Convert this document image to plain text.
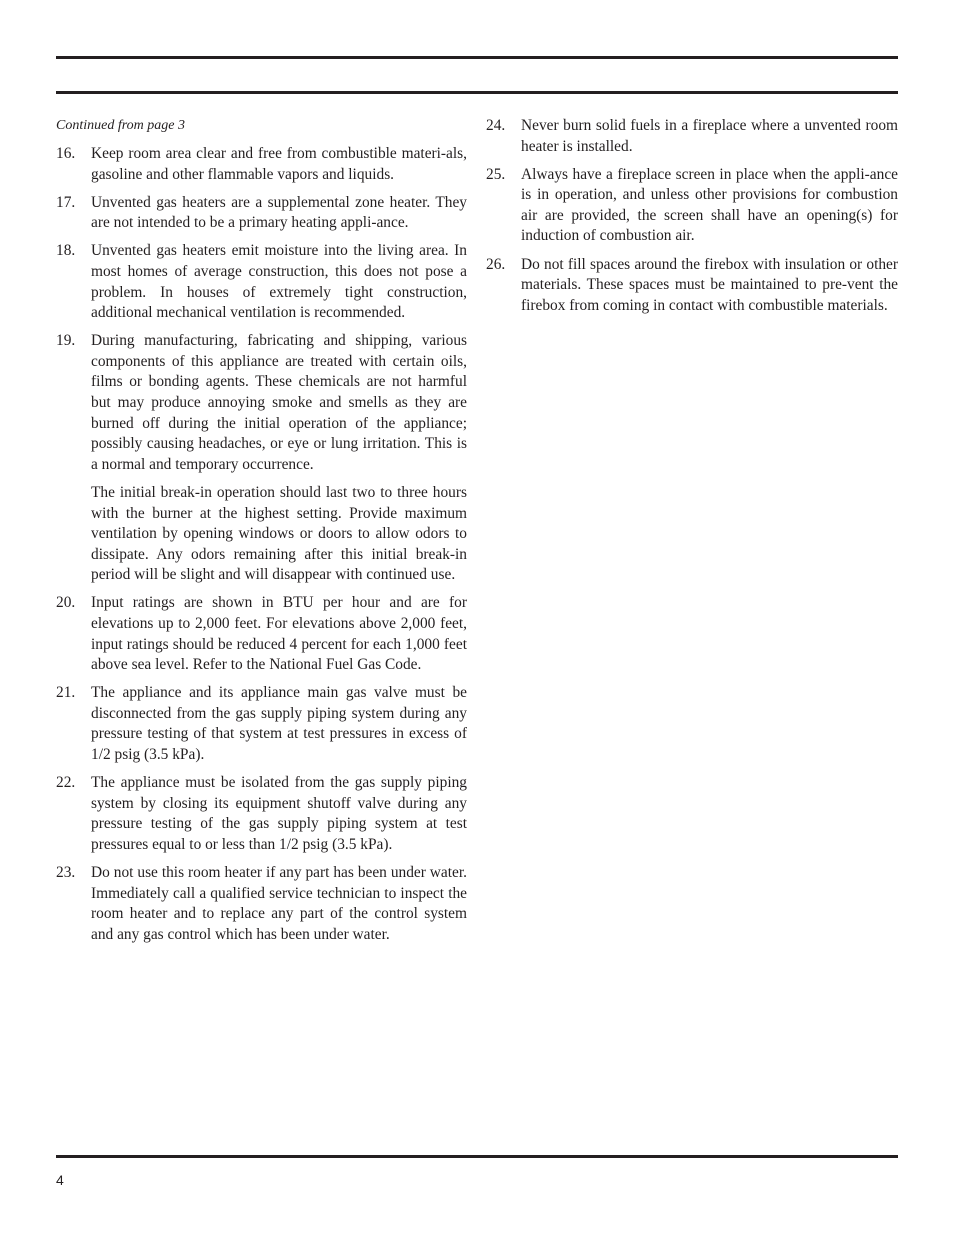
Continued from page 3

16.	Keep room area clear and free from combustible materi-als, gasoline and other flammable vapors and liquids.

17.	Unvented gas heaters are a supplemental zone heater. They are not intended to be a primary heating appli-ance.

18.	Unvented gas heaters emit moisture into the living area. In most homes of average construction, this does not pose a problem. In houses of extremely tight construction, additional mechanical ventilation is recommended.

19.	During manufacturing, fabricating and shipping, various components of this appliance are treated with certain oils, films or bonding agents. These chemicals are not harmful but may produce annoying smoke and smells as they are burned off during the initial operation of the appliance; possibly causing headaches, or eye or lung irritation. This is a normal and temporary occurrence.

The initial break-in operation should last two to three hours with the burner at the highest setting. Provide maximum ventilation by opening windows or doors to allow odors to dissipate. Any odors remaining after this initial break-in period will be slight and will disappear with continued use.

20.	Input ratings are shown in BTU per hour and are for elevations up to 2,000 feet. For elevations above 2,000 feet, input ratings should be reduced 4 percent for each 1,000 feet above sea level. Refer to the National Fuel Gas Code.

21.	The appliance and its appliance main gas valve must be disconnected from the gas supply piping system during any pressure testing of that system at test pressures in excess of 1/2 psig (3.5 kPa).

22.	The appliance must be isolated from the gas supply piping system by closing its equipment shutoff valve during any pressure testing of the gas supply piping system at test pressures equal to or less than 1/2 psig (3.5 kPa).

23.	Do not use this room heater if any part has been under water. Immediately call a qualified service technician to inspect the room heater and to replace any part of the control system and any gas control which has been under water.

24.	Never burn solid fuels in a fireplace where a unvented room heater is installed.

25.	Always have a fireplace screen in place when the appli-ance is in operation, and unless other provisions for combustion air are provided, the screen shall have an opening(s) for induction of combustion air.

26.	Do not fill spaces around the firebox with insulation or other materials. These spaces must be maintained to pre-vent the firebox from coming in contact with combustible materials.

4
